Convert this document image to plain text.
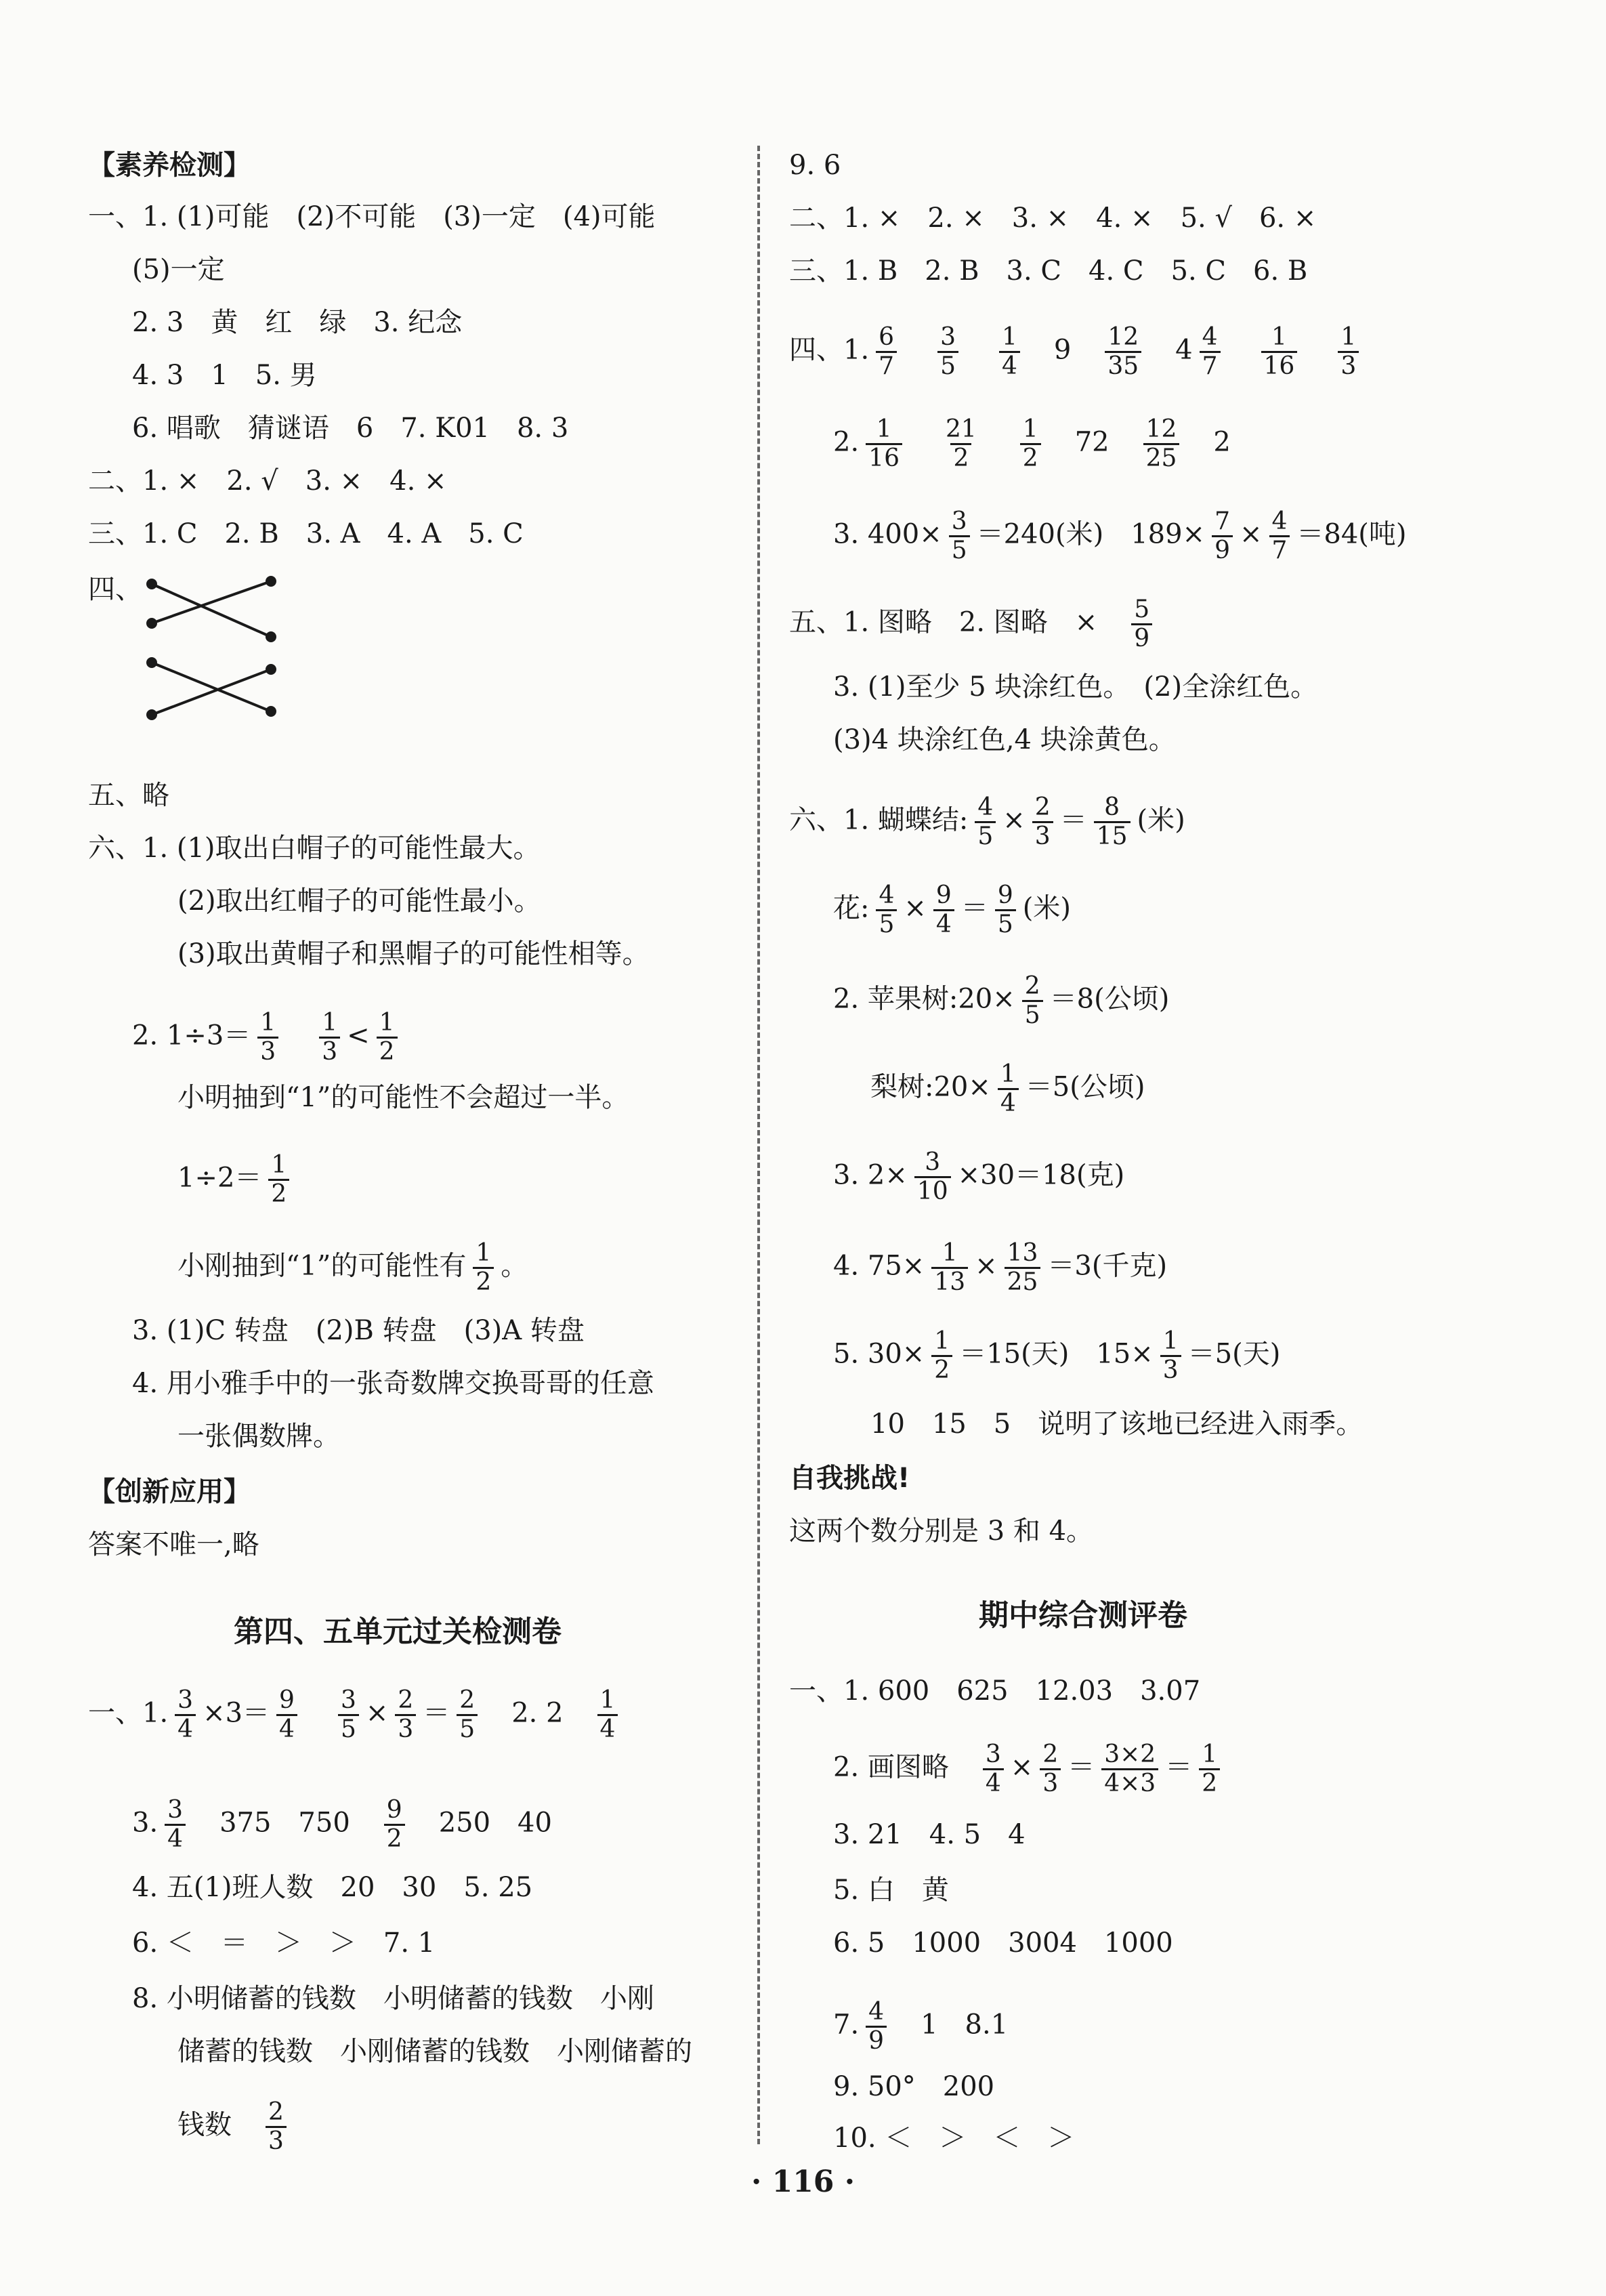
【素养检测】
一、1. (1)可能　(2)不可能　(3)一定　(4)可能
(5)一定
2. 3　黄　红　绿　3. 纪念
4. 3　1　5. 男
6. 唱歌　猜谜语　6　7. K01　8. 3
二、1. ×　2. √　3. ×　4. ×
三、1. C　2. B　3. A　4. A　5. C
四、
五、略
六、1. (1)取出白帽子的可能性最大。
(2)取出红帽子的可能性最小。
(3)取出黄帽子和黑帽子的可能性相等。
2. $1\div 3= \frac{1}{3}$
　 $\frac{1}{3} < \frac{1}{2}$
小明抽到“1”的可能性不会超过一半。
$1\div 2= \frac{1}{2}$
小刚抽到“1”的可能性有 $\frac{1}{2}$ 。
3. (1)C 转盘　(2)B 转盘　(3)A 转盘
4. 用小雅手中的一张奇数牌交换哥哥的任意
一张偶数牌。
【创新应用】
答案不唯一,略
第四、五单元过关检测卷
一、1. $\frac{3}{4} \times 3= \frac{9}{4}$
　 $\frac{3}{5} \times \frac{2}{3} = \frac{2}{5}$
　 2. 2　 $\frac{1}{4}$
3. $\frac{3}{4}$
　 375　750　 $\frac{9}{2}$
　 250　40
4. 五(1)班人数　20　30　5. 25
6. ＜　＝　＞　＞　7. 1
8. 小明储蓄的钱数　小明储蓄的钱数　小刚
储蓄的钱数　小刚储蓄的钱数　小刚储蓄的
钱数　 $\frac{2}{3}$
9. 6
二、1. ×　2. ×　3. ×　4. ×　5. √　6. ×
三、1. B　2. B　3. C　4. C　5. C　6. B
四、1. $\frac{6}{7}$
　 $\frac{3}{5}$
　 $\frac{1}{4}$
　 9　 $\frac{12}{35}$
　 $4 \frac{4}{7}$
　 $\frac{1}{16}$
　 $\frac{1}{3}$
2. $\frac{1}{16}$
　 $\frac{21}{2}$
　 $\frac{1}{2}$
　 72　 $\frac{12}{25}$
　 2
3. $400\times \frac{3}{5} =240$(米)　$189\times \frac{7}{9} \times \frac{4}{7} =84$(吨)
五、1. 图略　2. 图略　×　 $\frac{5}{9}$
3. (1)至少 5 块涂红色。　(2)全涂红色。
(3)4 块涂红色,4 块涂黄色。
六、1. 蝴蝶结: $\frac{4}{5} \times \frac{2}{3} = \frac{8}{15}$ (米)
花: $\frac{4}{5} \times \frac{9}{4} = \frac{9}{5}$ (米)
2. 苹果树:20× $\frac{2}{5} =8$(公顷)
梨树:20× $\frac{1}{4} =5$(公顷)
3. $2\times \frac{3}{10} \times 30=18$(克)
4. $75\times \frac{1}{13} \times \frac{13}{25} =3$(千克)
5. $30\times \frac{1}{2} =15$(天)　$15\times \frac{1}{3} =5$(天)
10　15　5　说明了该地已经进入雨季。
自我挑战!
这两个数分别是 3 和 4。
期中综合测评卷
一、1. 600　625　12.03　3.07
2. 画图略　 $\frac{3}{4} \times \frac{2}{3} = \frac{3\times 2}{4\times 3} = \frac{1}{2}$
3. 21　4. 5　4
5. 白　黄
6. 5　1000　3004　1000
7. $\frac{4}{9}$
　 1　8.1
9. 50°　200
10. ＜　＞　＜　＞
· 116 ·
